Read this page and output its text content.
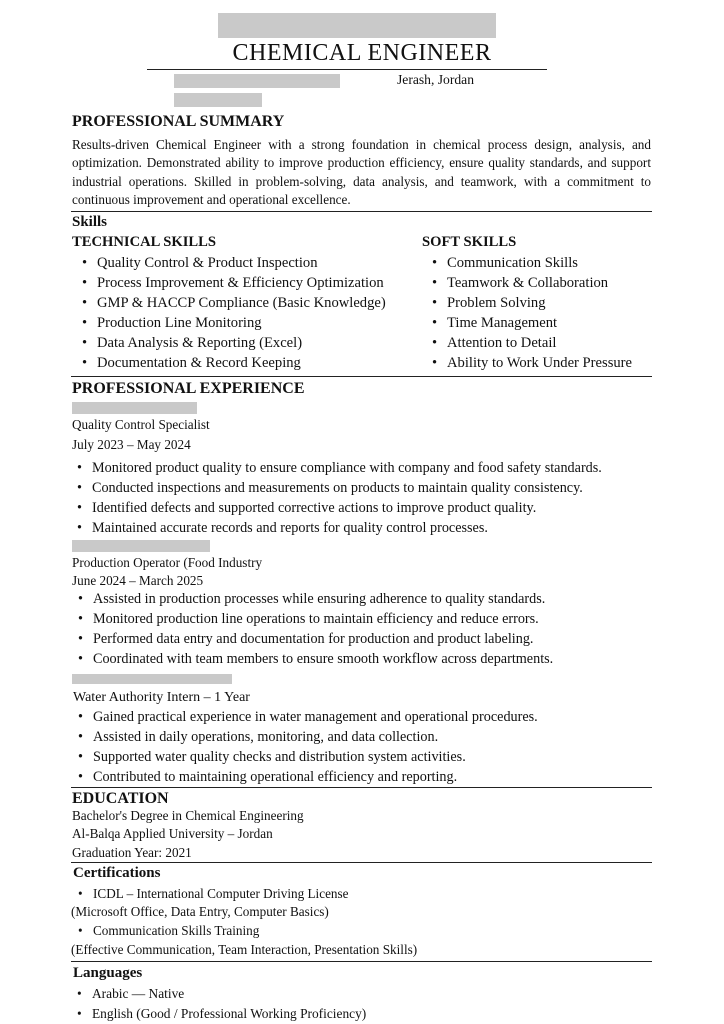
CHEMICAL ENGINEER
Jerash, Jordan
PROFESSIONAL SUMMARY
Results-driven Chemical Engineer with a strong foundation in chemical process design, analysis, and optimization. Demonstrated ability to improve production efficiency, ensure quality standards, and support industrial operations. Skilled in problem-solving, data analysis, and teamwork, with a commitment to continuous improvement and operational excellence.
Skills
TECHNICAL SKILLS
• Quality Control & Product Inspection
• Process Improvement & Efficiency Optimization
• GMP & HACCP Compliance (Basic Knowledge)
• Production Line Monitoring
• Data Analysis & Reporting (Excel)
• Documentation & Record Keeping
SOFT SKILLS
• Communication Skills
• Teamwork & Collaboration
• Problem Solving
• Time Management
• Attention to Detail
• Ability to Work Under Pressure
PROFESSIONAL EXPERIENCE
Quality Control Specialist
July 2023 – May 2024
• Monitored product quality to ensure compliance with company and food safety standards.
• Conducted inspections and measurements on products to maintain quality consistency.
• Identified defects and supported corrective actions to improve product quality.
• Maintained accurate records and reports for quality control processes.
Production Operator (Food Industry
June 2024 – March 2025
• Assisted in production processes while ensuring adherence to quality standards.
• Monitored production line operations to maintain efficiency and reduce errors.
• Performed data entry and documentation for production and product labeling.
• Coordinated with team members to ensure smooth workflow across departments.
Water Authority Intern – 1 Year
• Gained practical experience in water management and operational procedures.
• Assisted in daily operations, monitoring, and data collection.
• Supported water quality checks and distribution system activities.
• Contributed to maintaining operational efficiency and reporting.
EDUCATION
Bachelor's Degree in Chemical Engineering
Al-Balqa Applied University – Jordan
Graduation Year: 2021
Certifications
• ICDL – International Computer Driving License
(Microsoft Office, Data Entry, Computer Basics)
• Communication Skills Training
(Effective Communication, Team Interaction, Presentation Skills)
Languages
• Arabic — Native
• English (Good / Professional Working Proficiency)
